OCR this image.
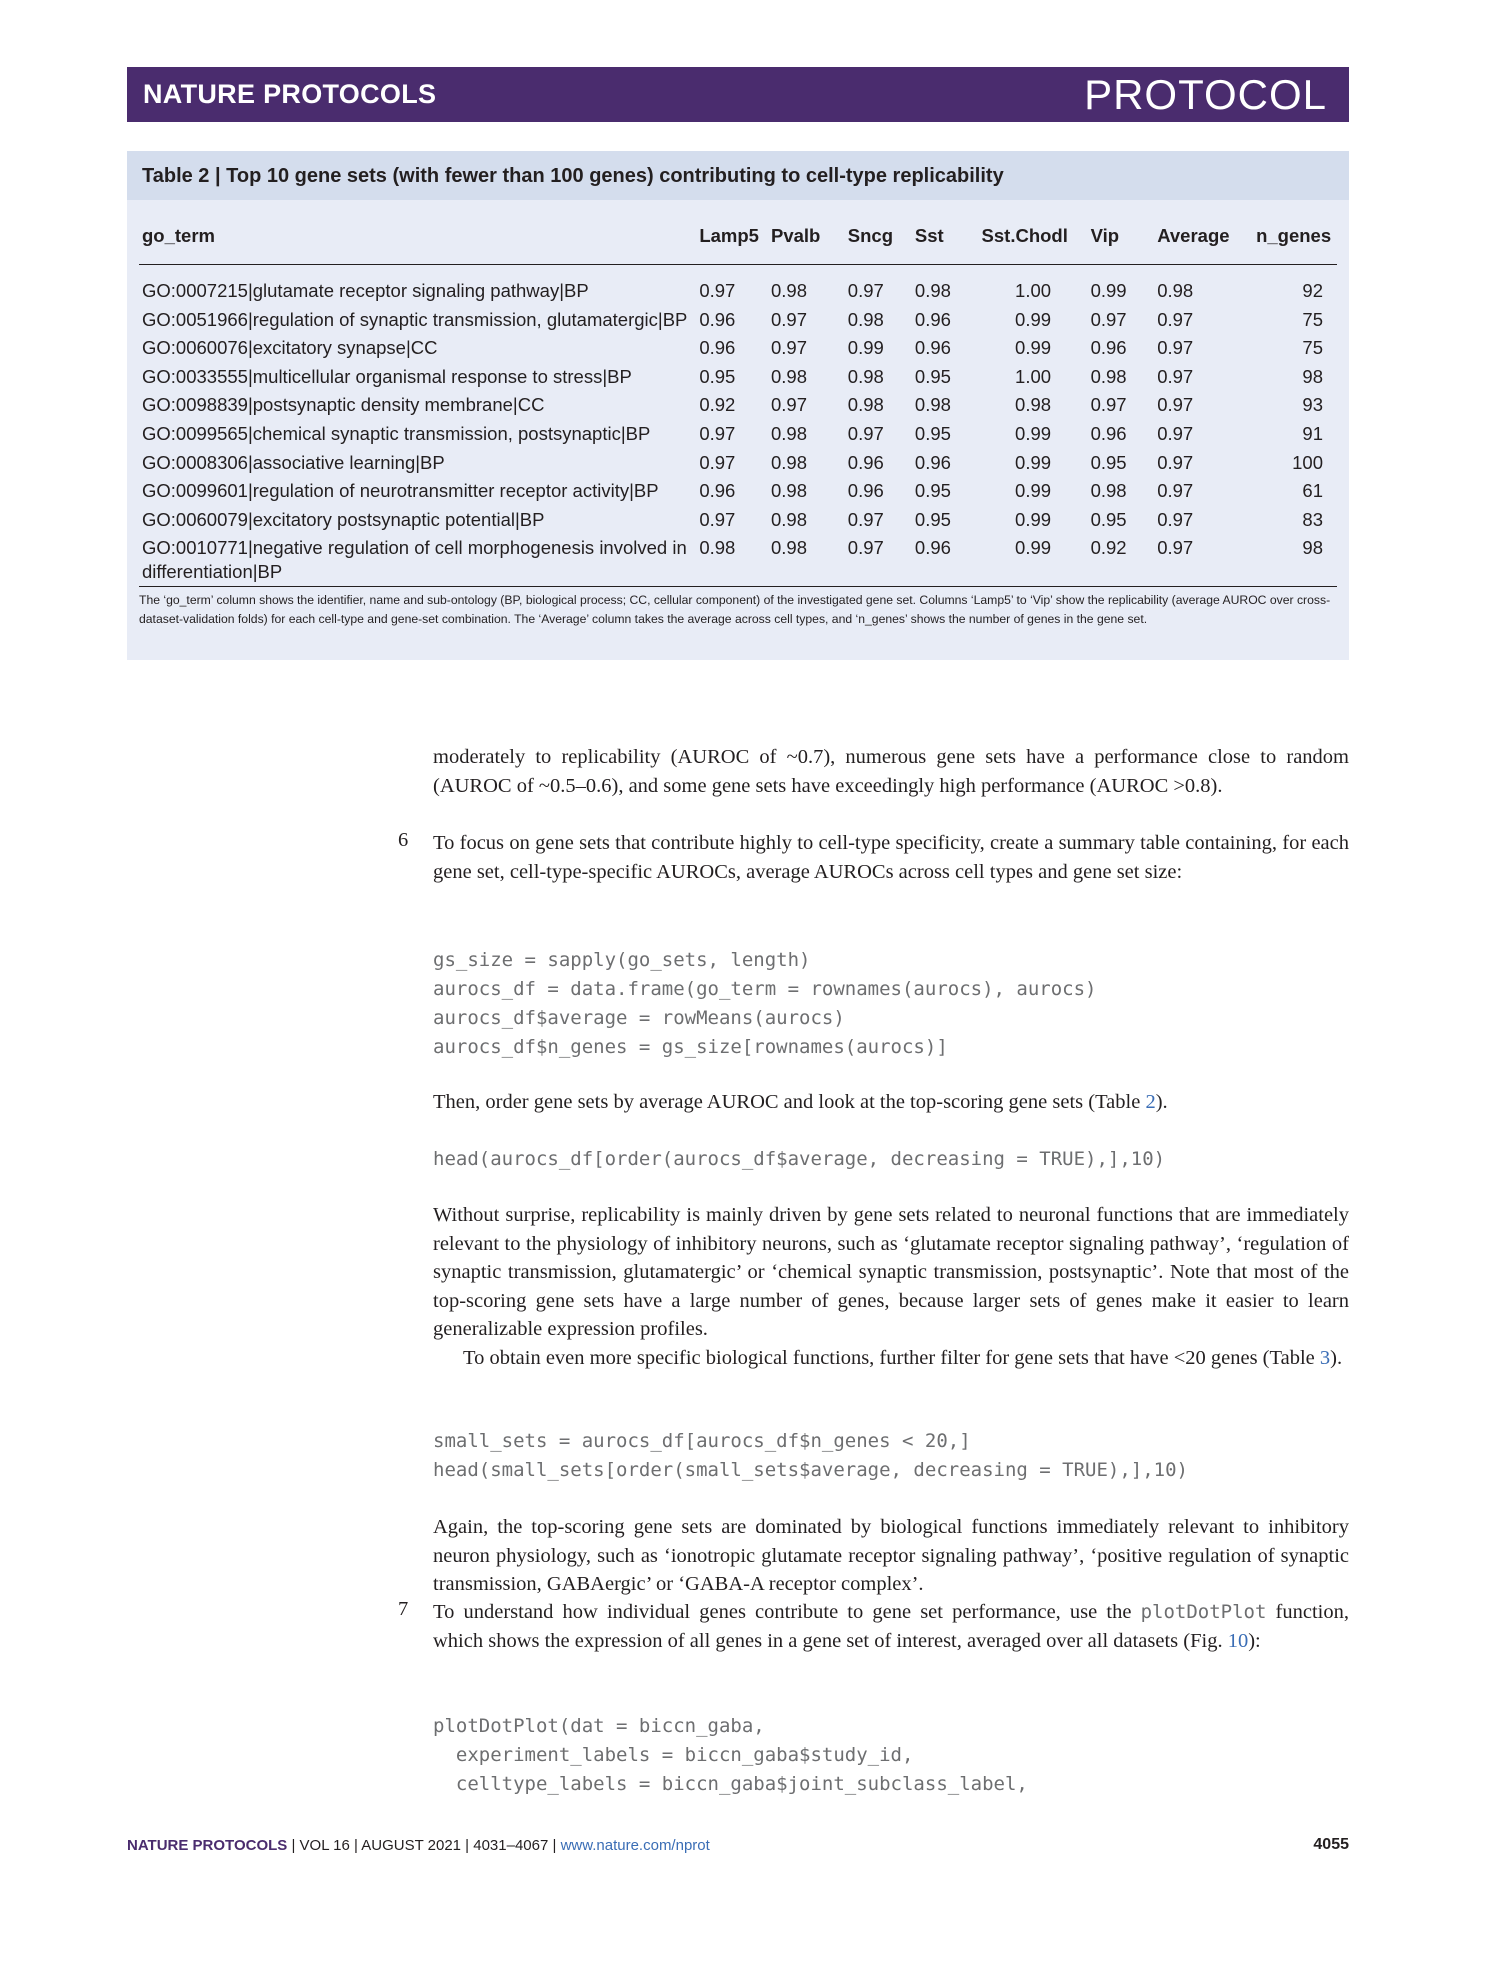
NATURE PROTOCOLS	PROTOCOL
Table 2 | Top 10 gene sets (with fewer than 100 genes) contributing to cell-type replicability
go_term	Lamp5	Pvalb	Sncg	Sst	Sst.Chodl	Vip	Average	n_genes

GO:0007215|glutamate receptor signaling pathway|BP	0.97	0.98	0.97	0.98	1.00	0.99	0.98	92
GO:0051966|regulation of synaptic transmission, glutamatergic|BP	0.96	0.97	0.98	0.96	0.99	0.97	0.97	75
GO:0060076|excitatory synapse|CC	0.96	0.97	0.99	0.96	0.99	0.96	0.97	75
GO:0033555|multicellular organismal response to stress|BP	0.95	0.98	0.98	0.95	1.00	0.98	0.97	98
GO:0098839|postsynaptic density membrane|CC	0.92	0.97	0.98	0.98	0.98	0.97	0.97	93
GO:0099565|chemical synaptic transmission, postsynaptic|BP	0.97	0.98	0.97	0.95	0.99	0.96	0.97	91
GO:0008306|associative learning|BP	0.97	0.98	0.96	0.96	0.99	0.95	0.97	100
GO:0099601|regulation of neurotransmitter receptor activity|BP	0.96	0.98	0.96	0.95	0.99	0.98	0.97	61
GO:0060079|excitatory postsynaptic potential|BP	0.97	0.98	0.97	0.95	0.99	0.95	0.97	83
GO:0010771|negative regulation of cell morphogenesis involved in differentiation|BP	0.98	0.98	0.97	0.96	0.99	0.92	0.97	98
The ‘go_term’ column shows the identifier, name and sub-ontology (BP, biological process; CC, cellular component) of the investigated gene set. Columns ‘Lamp5’ to ‘Vip’ show the replicability (average AUROC over cross-dataset-validation folds) for each cell-type and gene-set combination. The ‘Average’ column takes the average across cell types, and ‘n_genes’ shows the number of genes in the gene set.
moderately to replicability (AUROC of ~0.7), numerous gene sets have a performance close to random (AUROC of ~0.5–0.6), and some gene sets have exceedingly high performance (AUROC >0.8).
6 To focus on gene sets that contribute highly to cell-type specificity, create a summary table containing, for each gene set, cell-type-specific AUROCs, average AUROCs across cell types and gene set size:
gs_size = sapply(go_sets, length)
aurocs_df = data.frame(go_term = rownames(aurocs), aurocs)
aurocs_df$average = rowMeans(aurocs)
aurocs_df$n_genes = gs_size[rownames(aurocs)]
Then, order gene sets by average AUROC and look at the top-scoring gene sets (Table 2).
head(aurocs_df[order(aurocs_df$average, decreasing = TRUE),],10)
Without surprise, replicability is mainly driven by gene sets related to neuronal functions that are immediately relevant to the physiology of inhibitory neurons, such as ‘glutamate receptor signaling pathway’, ‘regulation of synaptic transmission, glutamatergic’ or ‘chemical synaptic transmission, postsynaptic’. Note that most of the top-scoring gene sets have a large number of genes, because larger sets of genes make it easier to learn generalizable expression profiles.
To obtain even more specific biological functions, further filter for gene sets that have <20 genes (Table 3).
small_sets = aurocs_df[aurocs_df$n_genes < 20,]
head(small_sets[order(small_sets$average, decreasing = TRUE),],10)
Again, the top-scoring gene sets are dominated by biological functions immediately relevant to inhibitory neuron physiology, such as ‘ionotropic glutamate receptor signaling pathway’, ‘positive regulation of synaptic transmission, GABAergic’ or ‘GABA-A receptor complex’.
7 To understand how individual genes contribute to gene set performance, use the plotDotPlot function, which shows the expression of all genes in a gene set of interest, averaged over all datasets (Fig. 10):
plotDotPlot(dat = biccn_gaba,
experiment_labels = biccn_gaba$study_id,
celltype_labels = biccn_gaba$joint_subclass_label,
NATURE PROTOCOLS | VOL 16 | AUGUST 2021 | 4031–4067 | www.nature.com/nprot	4055
